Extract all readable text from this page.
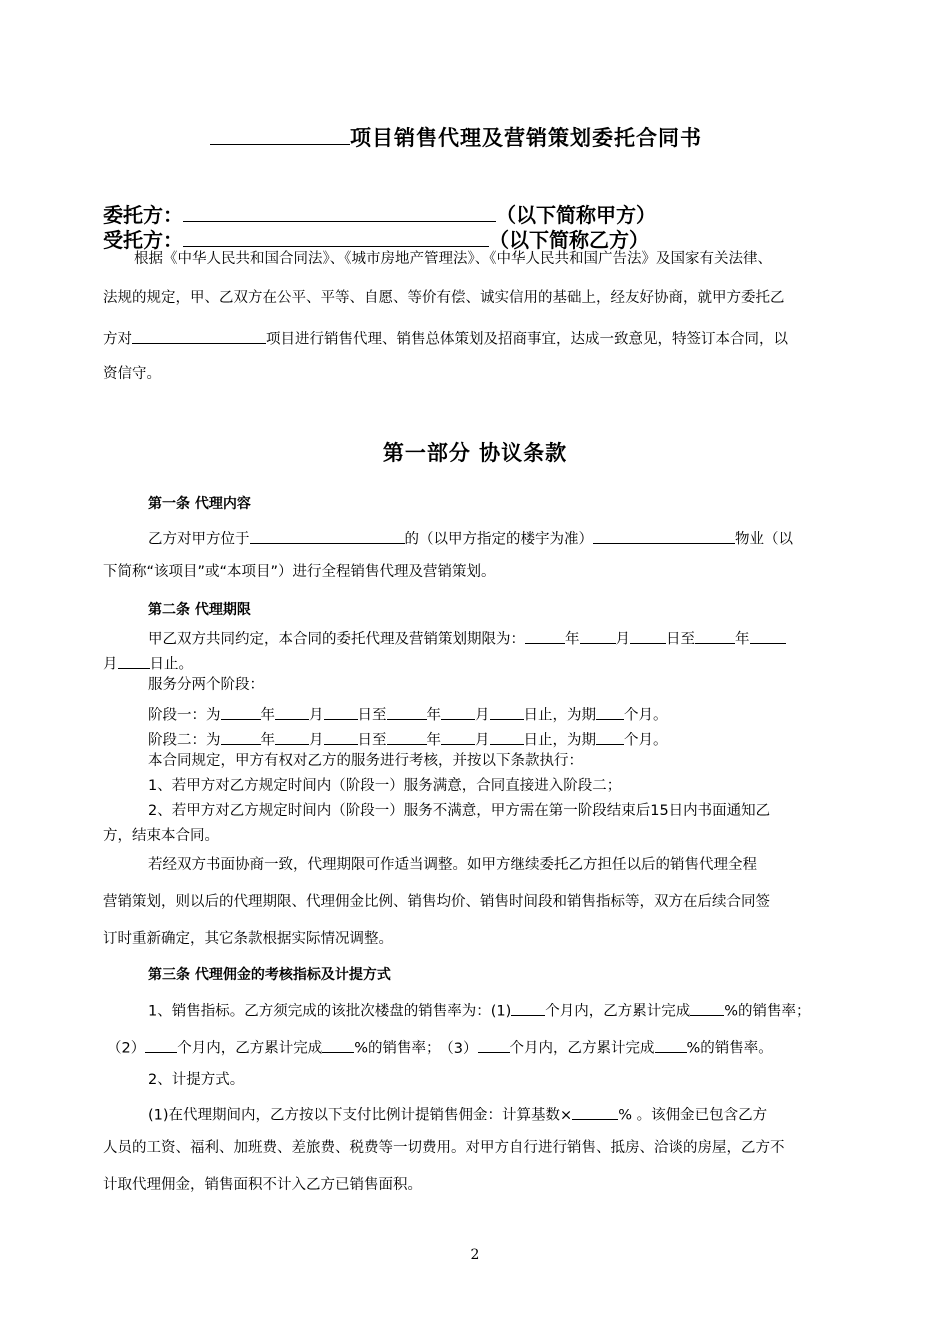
项目销售代理及营销策划委托合同书
委托方：	（以下简称甲方）
受托方：	（以下简称乙方）
根据《中华人民共和国合同法》、《城市房地产管理法》、《中华人民共和国广告法》及国家有关法律、
法规的规定，甲、乙双方在公平、平等、自愿、等价有偿、诚实信用的基础上，经友好协商，就甲方委托乙
方对	项目进行销售代理、销售总体策划及招商事宜，达成一致意见，特签订本合同，以
资信守。
第一部分 协议条款
第一条 代理内容
乙方对甲方位于	的（以甲方指定的楼宇为准）	物业（以
下简称“该项目”或“本项目”）进行全程销售代理及营销策划。
第二条 代理期限
甲乙双方共同约定，本合同的委托代理及营销策划期限为：	年 月 日至	年
月 日止。
服务分两个阶段：
阶段一：为	年 月 日至	年 月 日止，为期 个月。
阶段二：为	年 月 日至	年 月 日止，为期 个月。
本合同规定，甲方有权对乙方的服务进行考核，并按以下条款执行：
1、若甲方对乙方规定时间内（阶段一）服务满意，合同直接进入阶段二；
2、若甲方对乙方规定时间内（阶段一）服务不满意，甲方需在第一阶段结束后15日内书面通知乙
方，结束本合同。
若经双方书面协商一致，代理期限可作适当调整。如甲方继续委托乙方担任以后的销售代理全程
营销策划，则以后的代理期限、代理佣金比例、销售均价、销售时间段和销售指标等，双方在后续合同签
订时重新确定，其它条款根据实际情况调整。
第三条 代理佣金的考核指标及计提方式
1、销售指标。乙方须完成的该批次楼盘的销售率为：(1) 个月内，乙方累计完成 %的销售率；
（2） 个月内，乙方累计完成 %的销售率； （3） 个月内，乙方累计完成 %的销售率。
2、计提方式。
(1)在代理期间内，乙方按以下支付比例计提销售佣金：计算基数×	% 。该佣金已包含乙方
人员的工资、福利、加班费、差旅费、税费等一切费用。对甲方自行进行销售、抵房、洽谈的房屋，乙方不
计取代理佣金，销售面积不计入乙方已销售面积。
2
